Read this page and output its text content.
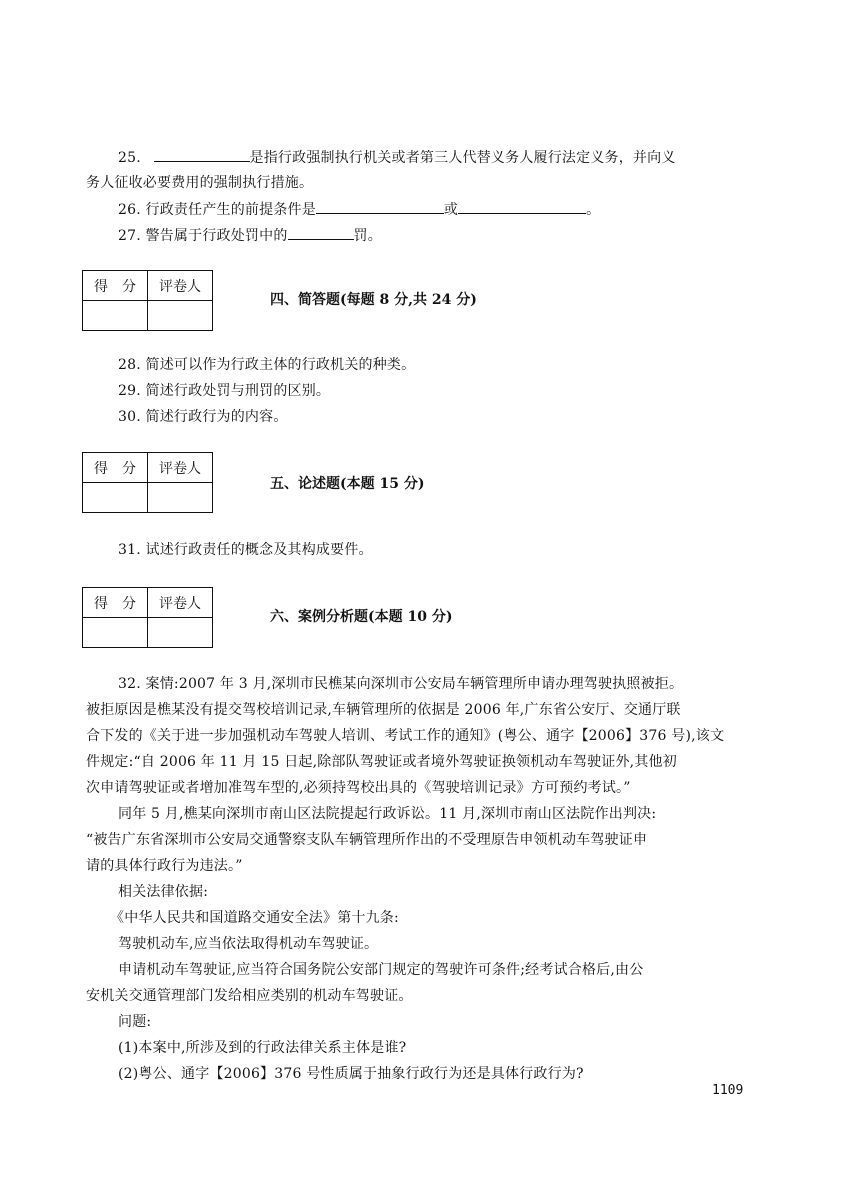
25.	是指行政强制执行机关或者第三人代替义务人履行法定义务，并向义
务人征收必要费用的强制执行措施。
26. 行政责任产生的前提条件是	或	。
27. 警告属于行政处罚中的	罚。
得　分	评卷人

四、简答题(每题 8 分,共 24 分)
28. 简述可以作为行政主体的行政机关的种类。
29. 简述行政处罚与刑罚的区别。
30. 简述行政行为的内容。
得　分	评卷人

五、论述题(本题 15 分)
31. 试述行政责任的概念及其构成要件。
得　分	评卷人

六、案例分析题(本题 10 分)
32. 案情:2007 年 3 月,深圳市民樵某向深圳市公安局车辆管理所申请办理驾驶执照被拒。
被拒原因是樵某没有提交驾校培训记录,车辆管理所的依据是 2006 年,广东省公安厅、交通厅联
合下发的《关于进一步加强机动车驾驶人培训、考试工作的通知》(粤公、通字【2006】376 号),该文
件规定:“自 2006 年 11 月 15 日起,除部队驾驶证或者境外驾驶证换领机动车驾驶证外,其他初
次申请驾驶证或者增加准驾车型的,必须持驾校出具的《驾驶培训记录》方可预约考试。”
同年 5 月,樵某向深圳市南山区法院提起行政诉讼。11 月,深圳市南山区法院作出判决:
“被告广东省深圳市公安局交通警察支队车辆管理所作出的不受理原告申领机动车驾驶证申
请的具体行政行为违法。”
相关法律依据:
《中华人民共和国道路交通安全法》第十九条:
驾驶机动车,应当依法取得机动车驾驶证。
申请机动车驾驶证,应当符合国务院公安部门规定的驾驶许可条件;经考试合格后,由公
安机关交通管理部门发给相应类别的机动车驾驶证。
问题:
(1)本案中,所涉及到的行政法律关系主体是谁?
(2)粤公、通字【2006】376 号性质属于抽象行政行为还是具体行政行为?
1109
